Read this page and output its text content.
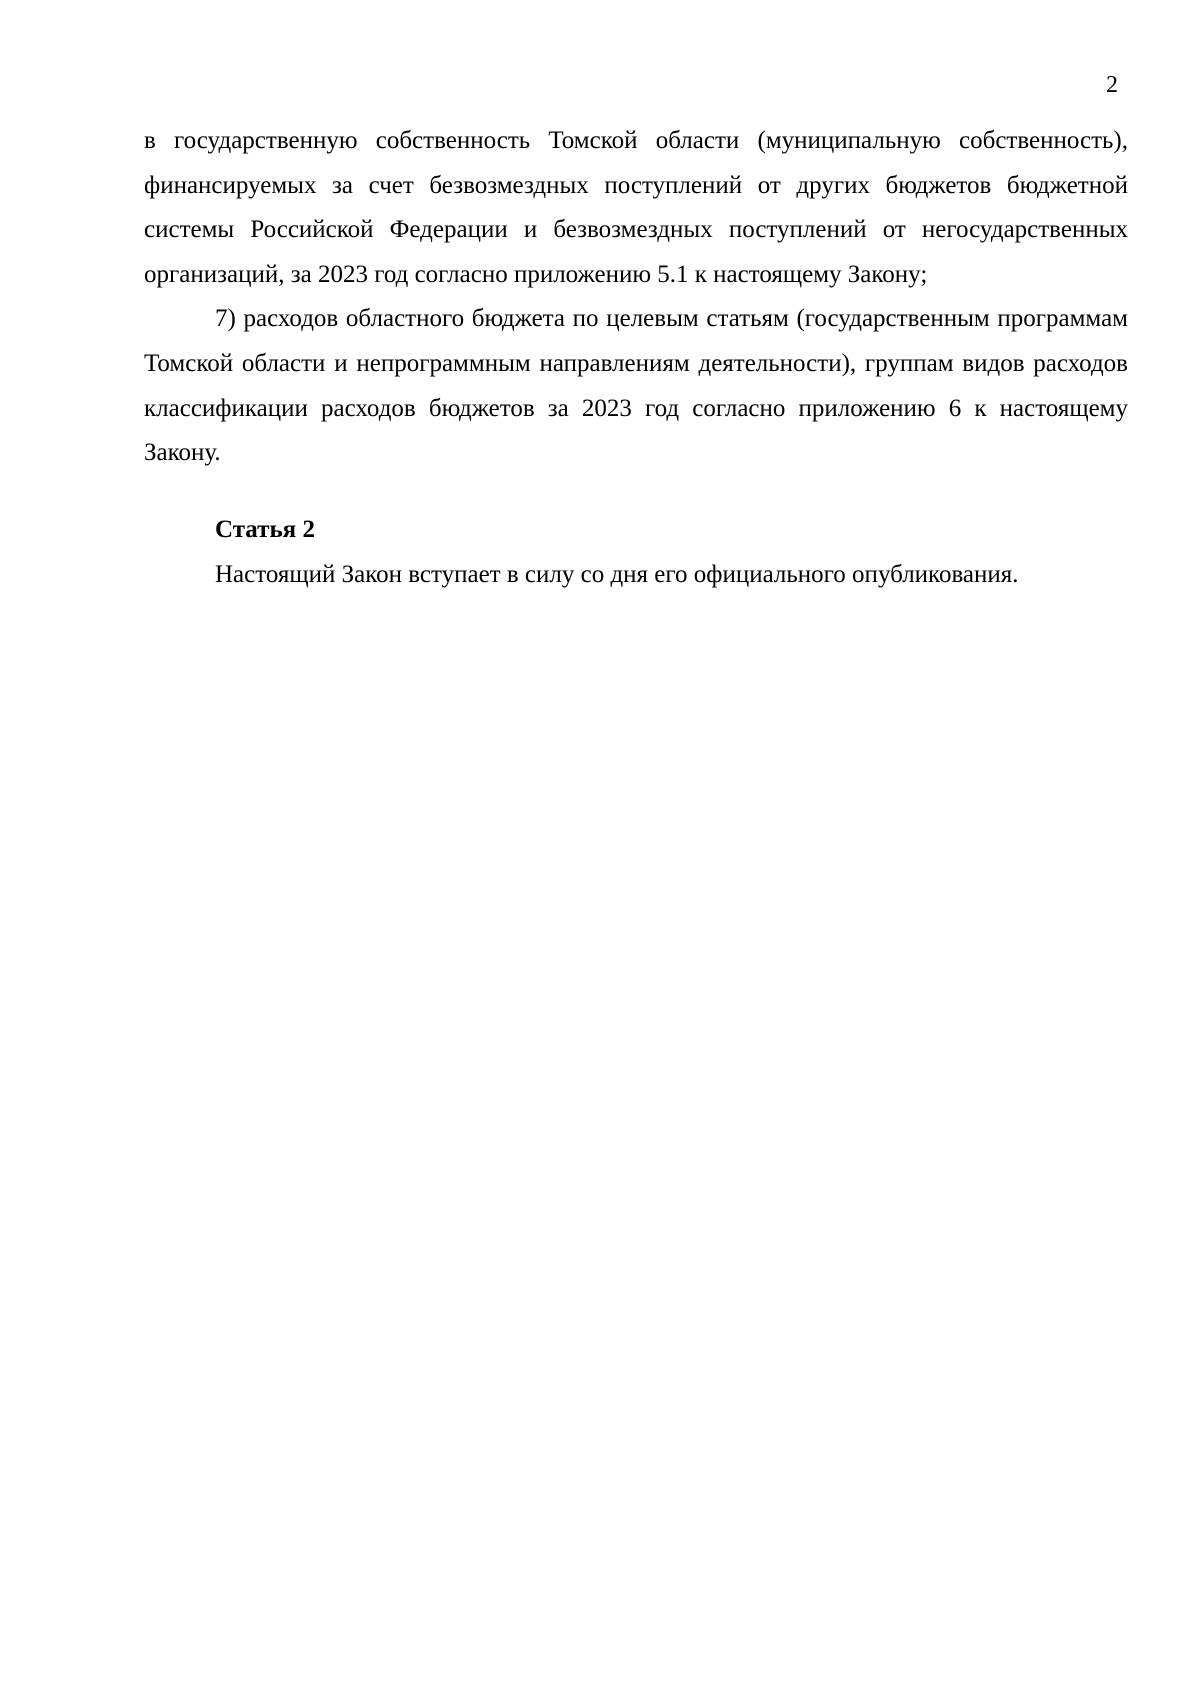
2

в государственную собственность Томской области (муниципальную собственность), финансируемых за счет безвозмездных поступлений от других бюджетов бюджетной системы Российской Федерации и безвозмездных поступлений от негосударственных организаций, за 2023 год согласно приложению 5.1 к настоящему Закону;

7) расходов областного бюджета по целевым статьям (государственным программам Томской области и непрограммным направлениям деятельности), группам видов расходов классификации расходов бюджетов за 2023 год согласно приложению 6 к настоящему Закону.

Статья 2

Настоящий Закон вступает в силу со дня его официального опубликования.
